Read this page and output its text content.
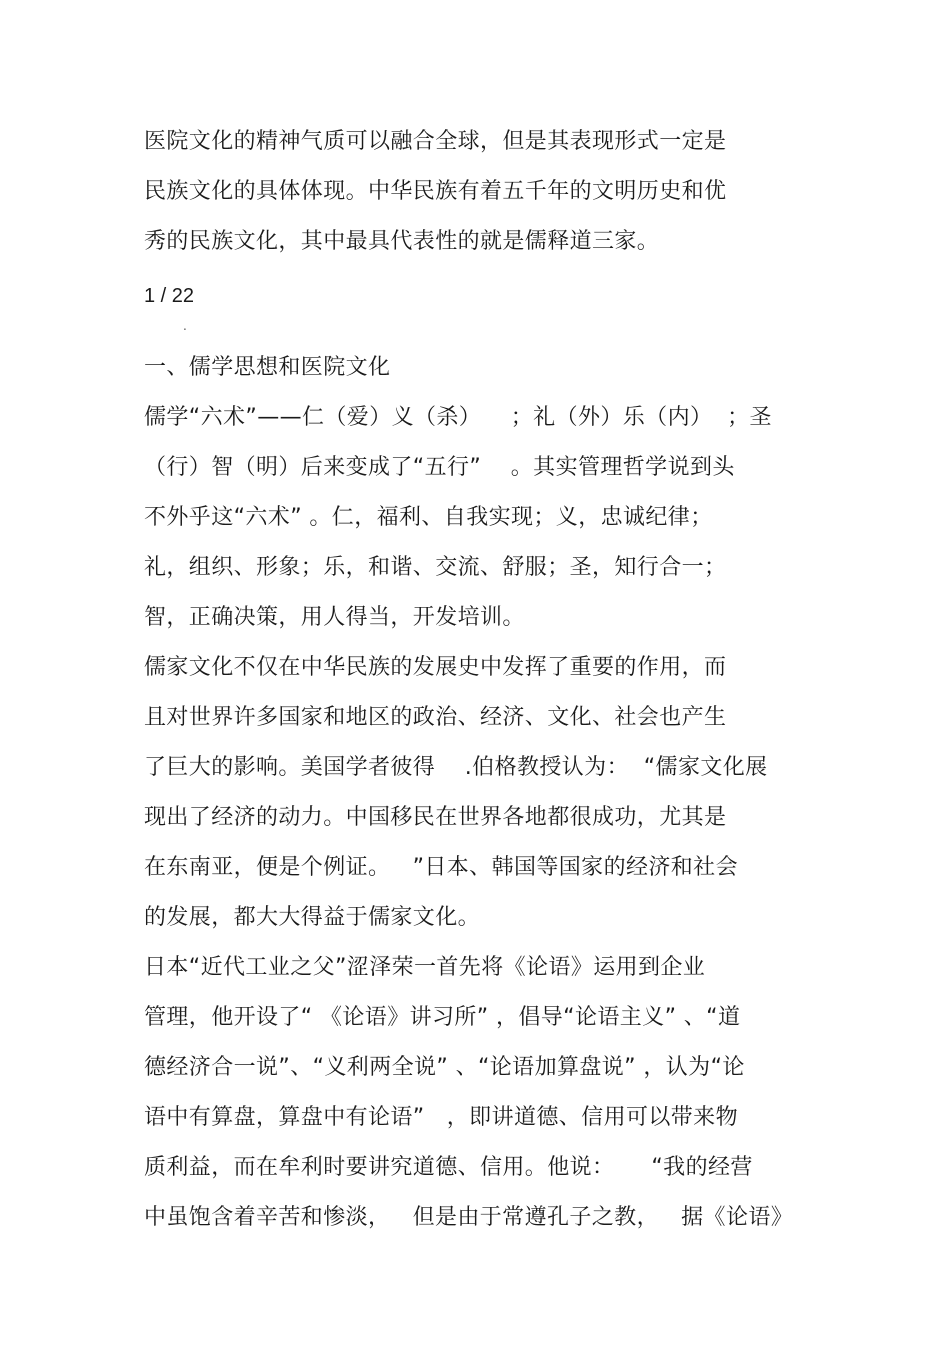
医院文化的精神气质可以融合全球，但是其表现形式一定是
民族文化的具体体现。中华民族有着五千年的文明历史和优
秀的民族文化，其中最具代表性的就是儒释道三家。
1 / 22
.
一、儒学思想和医院文化
儒学“六术”——仁（爱）义（杀）    ；礼（外）乐（内）  ；圣
（行）智（明）后来变成了“五行”    。其实管理哲学说到头
不外乎这“六术” 。仁，福利、自我实现；义，忠诚纪律；
礼，组织、形象；乐，和谐、交流、舒服；圣，知行合一；
智，正确决策，用人得当，开发培训。
儒家文化不仅在中华民族的发展史中发挥了重要的作用，而
且对世界许多国家和地区的政治、经济、文化、社会也产生
了巨大的影响。美国学者彼得    .伯格教授认为：  “儒家文化展
现出了经济的动力。中国移民在世界各地都很成功，尤其是
在东南亚，便是个例证。   ”日本、韩国等国家的经济和社会
的发展，都大大得益于儒家文化。
日本“近代工业之父”涩泽荣一首先将《论语》运用到企业
管理，他开设了“ 《论语》讲习所” ，倡导“论语主义” 、“道
德经济合一说”、“义利两全说” 、“论语加算盘说” ，认为“论
语中有算盘，算盘中有论语”   ，即讲道德、信用可以带来物
质利益，而在牟利时要讲究道德、信用。他说：     “我的经营
中虽饱含着辛苦和惨淡，   但是由于常遵孔子之教，   据《论语》
